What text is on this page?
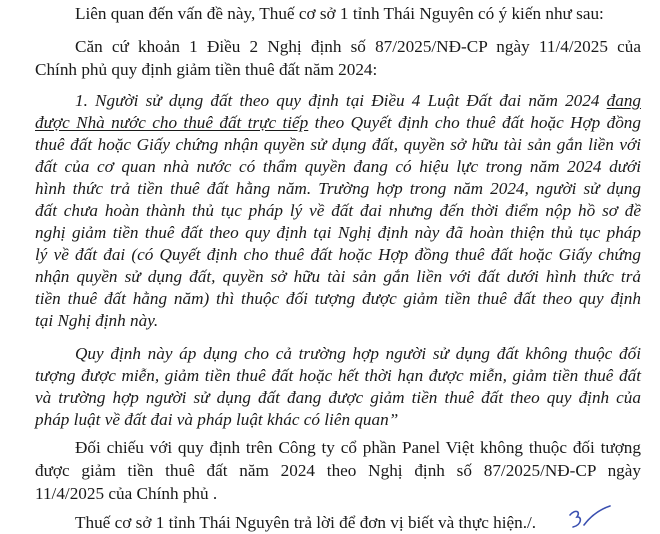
Liên quan đến vấn đề này, Thuế cơ sở 1 tỉnh Thái Nguyên có ý kiến như sau:
Căn cứ khoản 1 Điều 2 Nghị định số 87/2025/NĐ-CP ngày 11/4/2025 của
Chính phủ quy định giảm tiền thuê đất năm 2024:
1. Người sử dụng đất theo quy định tại Điều 4 Luật Đất đai năm 2024 đang
được Nhà nước cho thuê đất trực tiếp theo Quyết định cho thuê đất hoặc Hợp đồng
thuê đất hoặc Giấy chứng nhận quyền sử dụng đất, quyền sở hữu tài sản gắn liền với
đất của cơ quan nhà nước có thẩm quyền đang có hiệu lực trong năm 2024 dưới
hình thức trả tiền thuê đất hằng năm. Trường hợp trong năm 2024, người sử dụng
đất chưa hoàn thành thủ tục pháp lý về đất đai nhưng đến thời điểm nộp hồ sơ đề
nghị giảm tiền thuê đất theo quy định tại Nghị định này đã hoàn thiện thủ tục pháp
lý về đất đai (có Quyết định cho thuê đất hoặc Hợp đồng thuê đất hoặc Giấy chứng
nhận quyền sử dụng đất, quyền sở hữu tài sản gắn liền với đất dưới hình thức trả
tiền thuê đất hằng năm) thì thuộc đối tượng được giảm tiền thuê đất theo quy định
tại Nghị định này.
Quy định này áp dụng cho cả trường hợp người sử dụng đất không thuộc đối
tượng được miễn, giảm tiền thuê đất hoặc hết thời hạn được miễn, giảm tiền thuê đất
và trường hợp người sử dụng đất đang được giảm tiền thuê đất theo quy định của
pháp luật về đất đai và pháp luật khác có liên quan”
Đối chiếu với quy định trên Công ty cổ phần Panel Việt không thuộc đối tượng
được giảm tiền thuê đất năm 2024 theo Nghị định số 87/2025/NĐ-CP ngày
11/4/2025 của Chính phủ .
Thuế cơ sở 1 tỉnh Thái Nguyên trả lời để đơn vị biết và thực hiện./.
